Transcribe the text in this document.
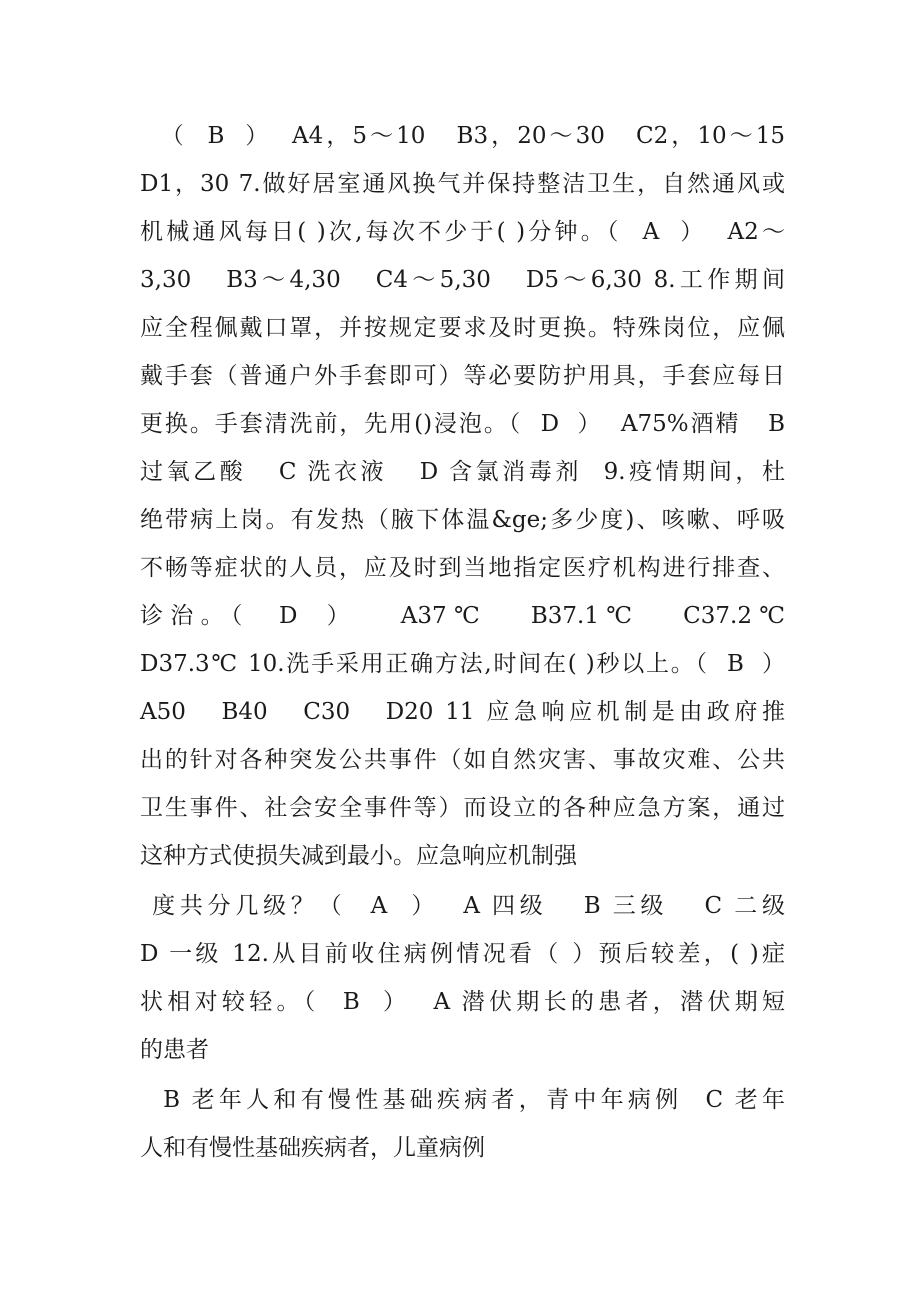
（  B  ）  A4，5～10   B3，20～30   C2，10～15
D1，30 7.做好居室通风换气并保持整洁卫生，自然通风或
机械通风每日( )次,每次不少于( )分钟。（  A  ）  A2～
3,30   B3～4,30   C4～5,30   D5～6,30 8.工作期间
应全程佩戴口罩，并按规定要求及时更换。特殊岗位，应佩
戴手套（普通户外手套即可）等必要防护用具，手套应每日
更换。手套清洗前，先用()浸泡。（  D  ）  A75%酒精   B
过氧乙酸   C 洗衣液   D 含氯消毒剂  9.疫情期间，杜
绝带病上岗。有发热（腋下体温&ge;多少度)、咳嗽、呼吸
不畅等症状的人员，应及时到当地指定医疗机构进行排查、
诊治。（  D  ）   A37℃   B37.1℃   C37.2℃
D37.3℃ 10.洗手采用正确方法,时间在( )秒以上。（  B  ）
A50   B40   C30   D20 11 应急响应机制是由政府推
出的针对各种突发公共事件（如自然灾害、事故灾难、公共
卫生事件、社会安全事件等）而设立的各种应急方案，通过
这种方式使损失减到最小。应急响应机制强
度共分几级？（  A  ）  A 四级   B 三级   C 二级
D 一级 12.从目前收住病例情况看（ ）预后较差，( )症
状相对较轻。（  B  ）  A 潜伏期长的患者，潜伏期短
的患者
B 老年人和有慢性基础疾病者，青中年病例  C 老年
人和有慢性基础疾病者，儿童病例
